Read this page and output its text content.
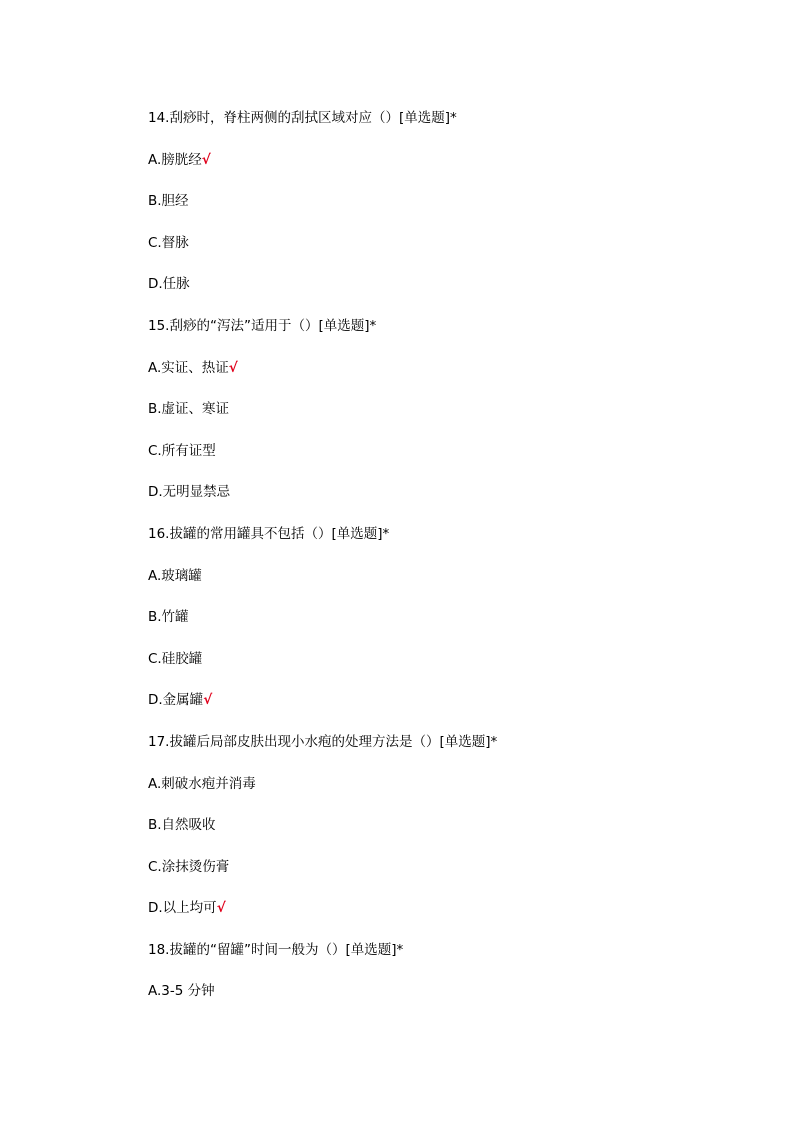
14.刮痧时，脊柱两侧的刮拭区域对应（）[单选题]*
A.膀胱经√
B.胆经
C.督脉
D.任脉
15.刮痧的“泻法”适用于（）[单选题]*
A.实证、热证√
B.虚证、寒证
C.所有证型
D.无明显禁忌
16.拔罐的常用罐具不包括（）[单选题]*
A.玻璃罐
B.竹罐
C.硅胶罐
D.金属罐√
17.拔罐后局部皮肤出现小水疱的处理方法是（）[单选题]*
A.刺破水疱并消毒
B.自然吸收
C.涂抹烫伤膏
D.以上均可√
18.拔罐的“留罐”时间一般为（）[单选题]*
A.3-5 分钟
